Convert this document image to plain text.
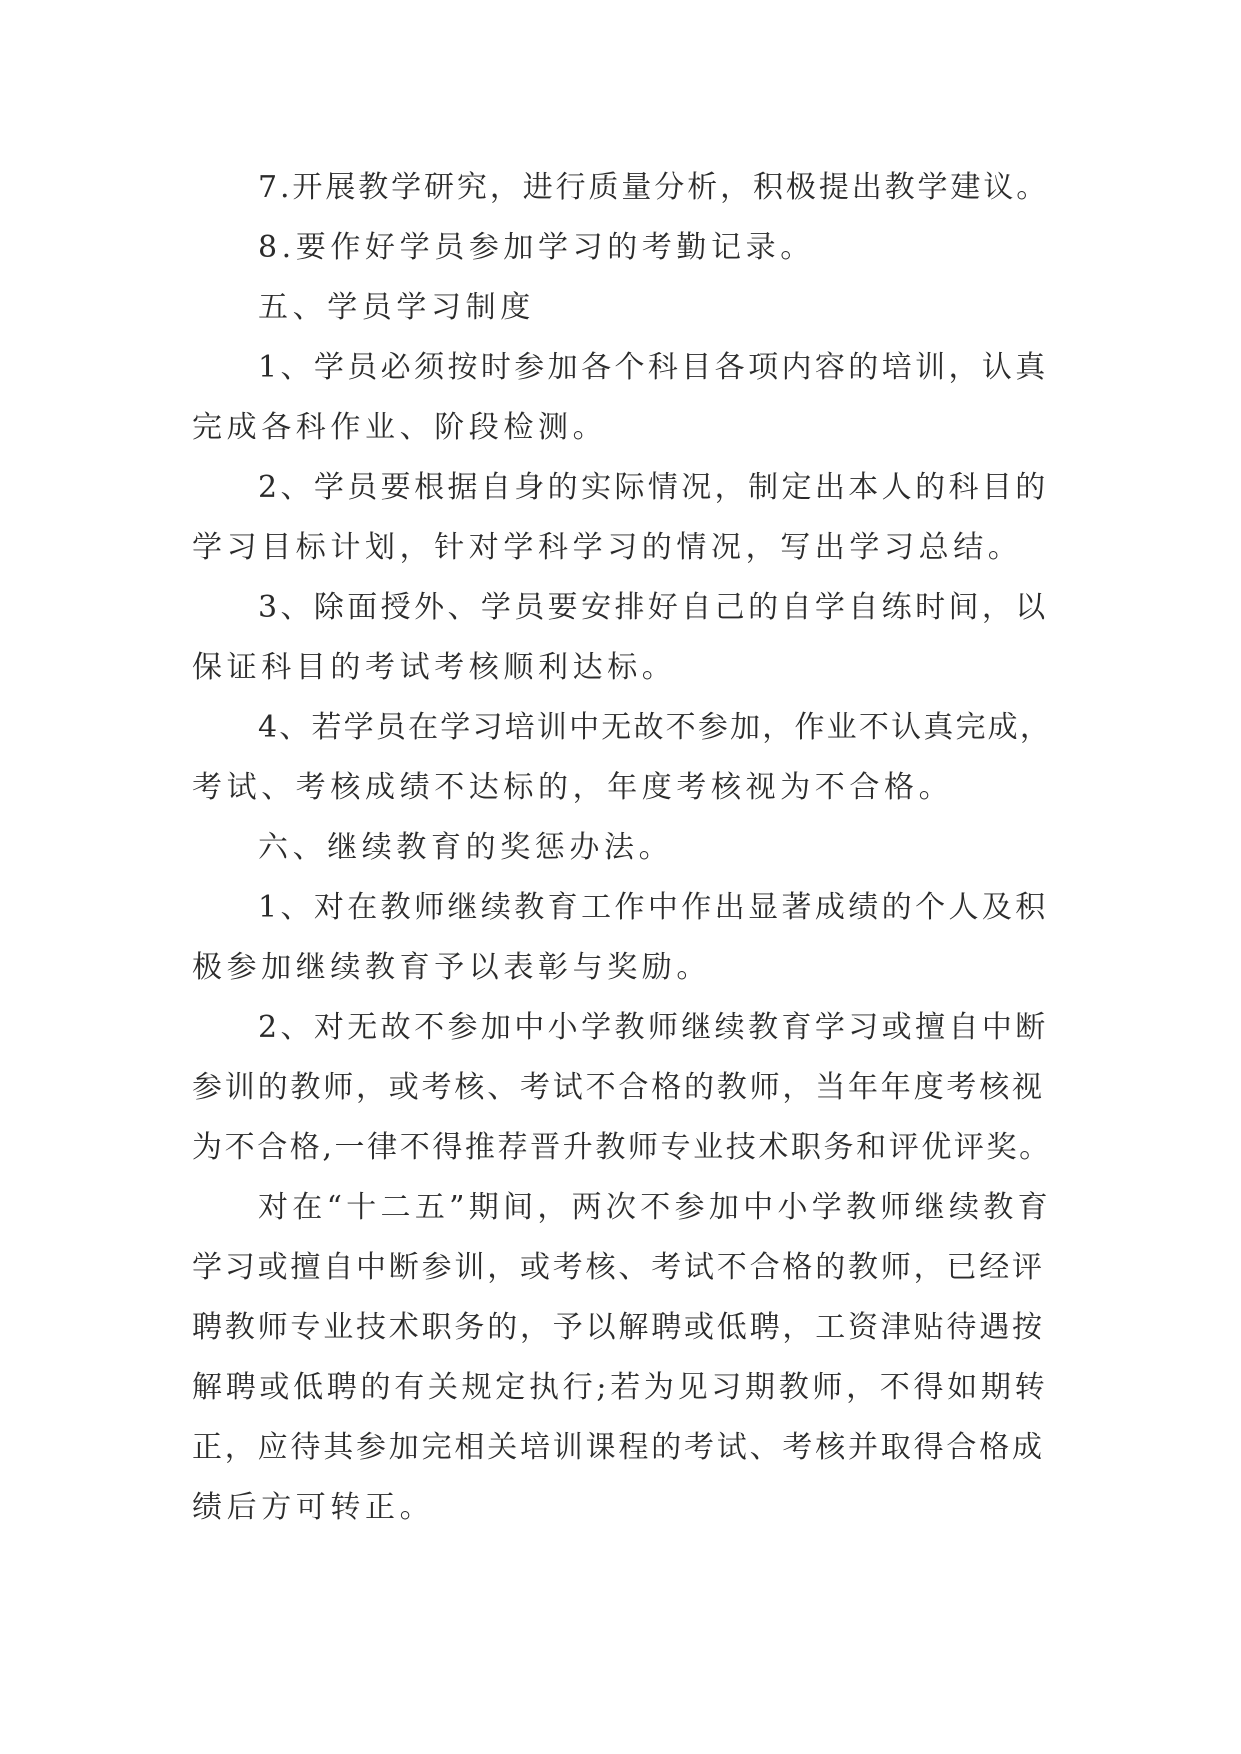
7.开展教学研究，进行质量分析，积极提出教学建议。
8.要作好学员参加学习的考勤记录。
五、学员学习制度
1、学员必须按时参加各个科目各项内容的培训，认真
完成各科作业、阶段检测。
2、学员要根据自身的实际情况，制定出本人的科目的
学习目标计划，针对学科学习的情况，写出学习总结。
3、除面授外、学员要安排好自己的自学自练时间，以
保证科目的考试考核顺利达标。
4、若学员在学习培训中无故不参加，作业不认真完成，
考试、考核成绩不达标的，年度考核视为不合格。
六、继续教育的奖惩办法。
1、对在教师继续教育工作中作出显著成绩的个人及积
极参加继续教育予以表彰与奖励。
2、对无故不参加中小学教师继续教育学习或擅自中断
参训的教师，或考核、考试不合格的教师，当年年度考核视
为不合格,一律不得推荐晋升教师专业技术职务和评优评奖。
对在“十二五”期间，两次不参加中小学教师继续教育
学习或擅自中断参训，或考核、考试不合格的教师，已经评
聘教师专业技术职务的，予以解聘或低聘，工资津贴待遇按
解聘或低聘的有关规定执行;若为见习期教师，不得如期转
正，应待其参加完相关培训课程的考试、考核并取得合格成
绩后方可转正。
